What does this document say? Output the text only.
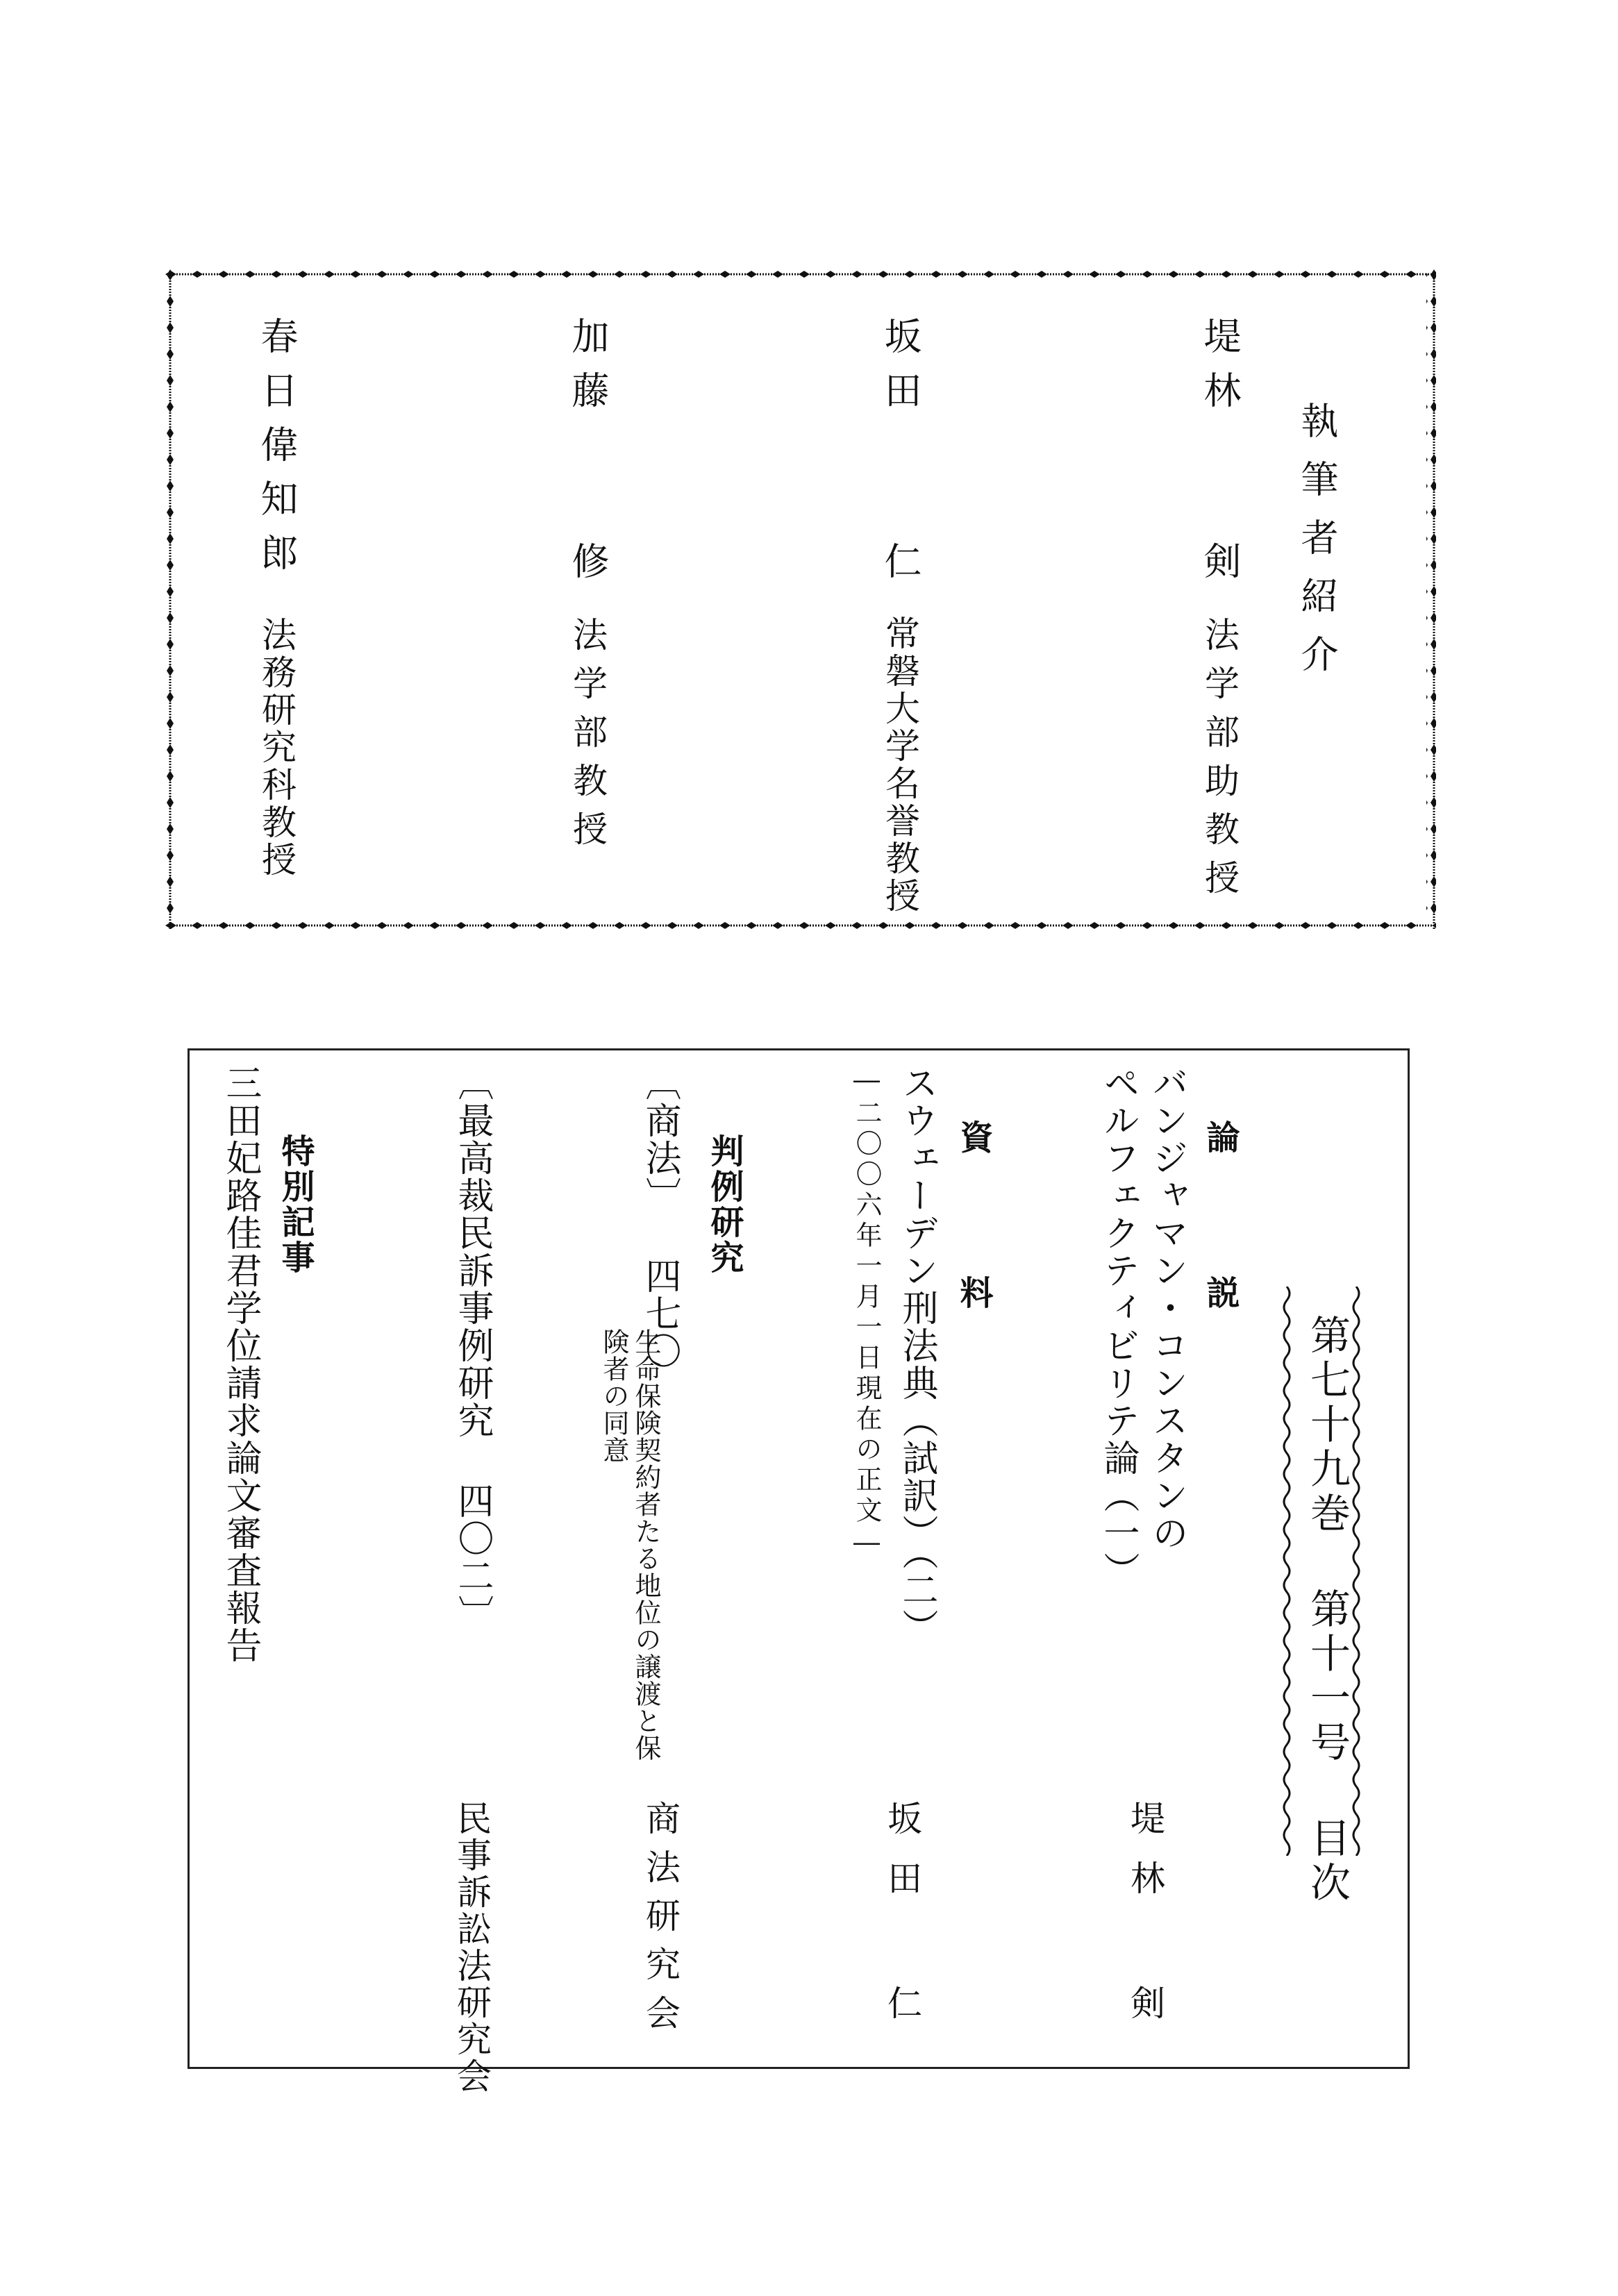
執筆者紹介
堤林
剣
法学部助教授
坂田
仁
常磐大学名誉教授
加藤
修
法学部教授
春日偉知郎
法務研究科教授
第七十九巻 第十一号 目次
論 説
バンジャマン・コンスタンの
ペルフェクティビリテ論（一）
堤林 剣
資 料
スウェーデン刑法典（試訳）（二）
―二〇〇六年一月一日現在の正文―
坂田 仁
判例研究
〔商法〕 四七〇
生命保険契約者たる地位の譲渡と保
険者の同意
商法研究会
〔最高裁民訴事例研究 四〇二〕
民事訴訟法研究会
特別記事
三田妃路佳君学位請求論文審査報告
